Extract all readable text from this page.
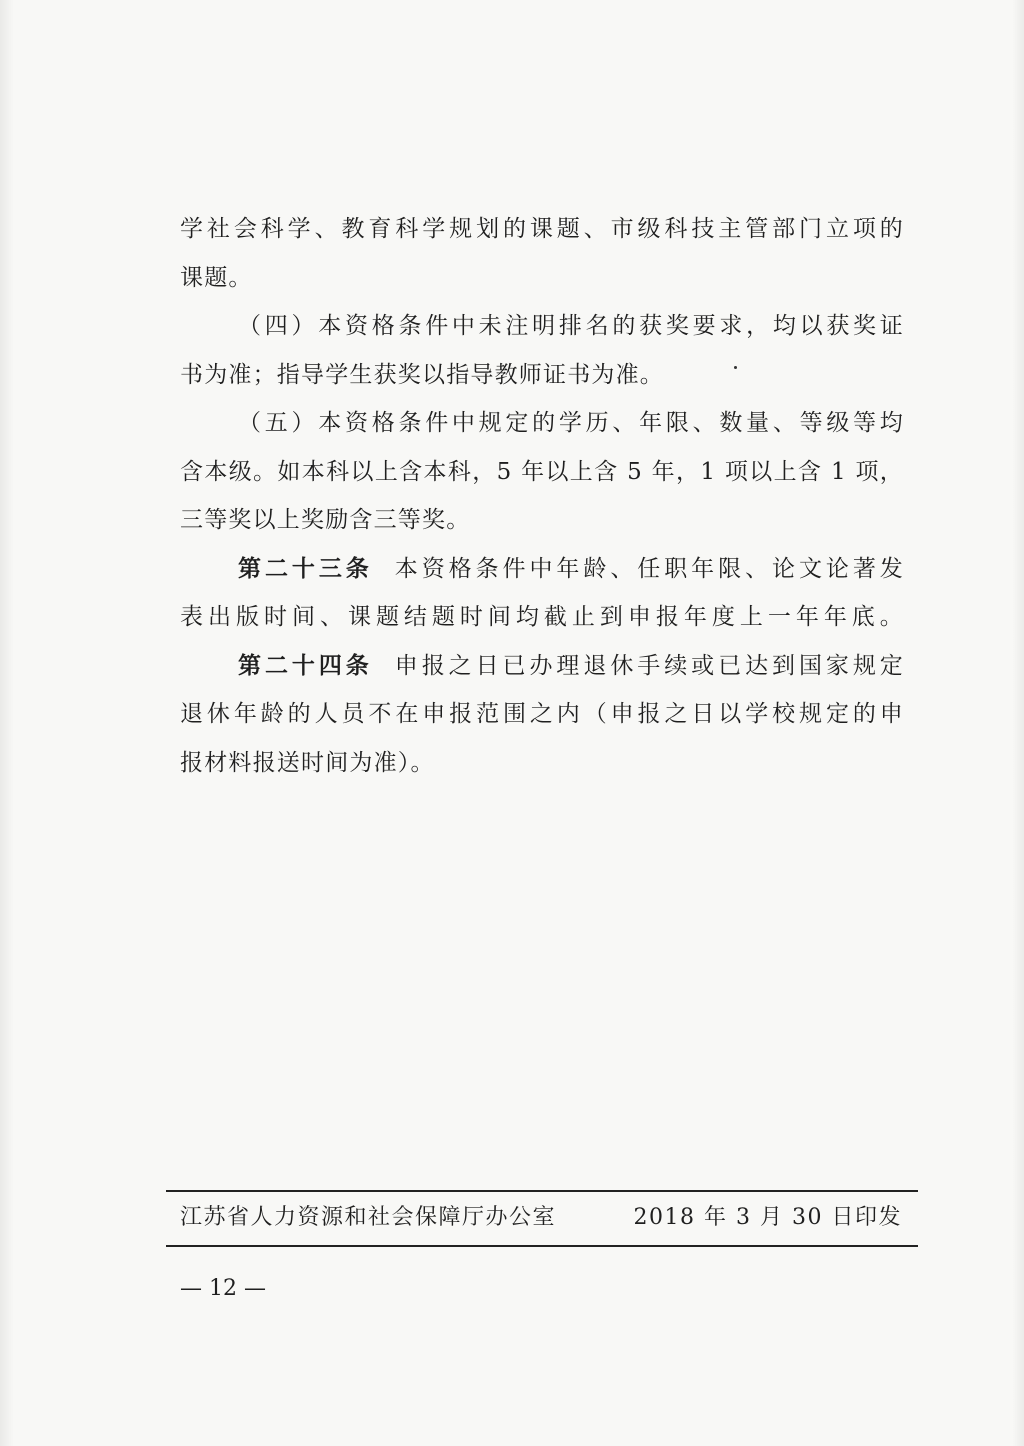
学社会科学、教育科学规划的课题、市级科技主管部门立项的
课题。
（四）本资格条件中未注明排名的获奖要求，均以获奖证
书为准；指导学生获奖以指导教师证书为准。
（五）本资格条件中规定的学历、年限、数量、等级等均
含本级。如本科以上含本科，5 年以上含 5 年，1 项以上含 1 项，
三等奖以上奖励含三等奖。
第二十三条 本资格条件中年龄、任职年限、论文论著发
表出版时间、课题结题时间均截止到申报年度上一年年底。
第二十四条 申报之日已办理退休手续或已达到国家规定
退休年龄的人员不在申报范围之内（申报之日以学校规定的申
报材料报送时间为准）。
江苏省人力资源和社会保障厅办公室	2018 年 3 月 30 日印发
— 12 —
